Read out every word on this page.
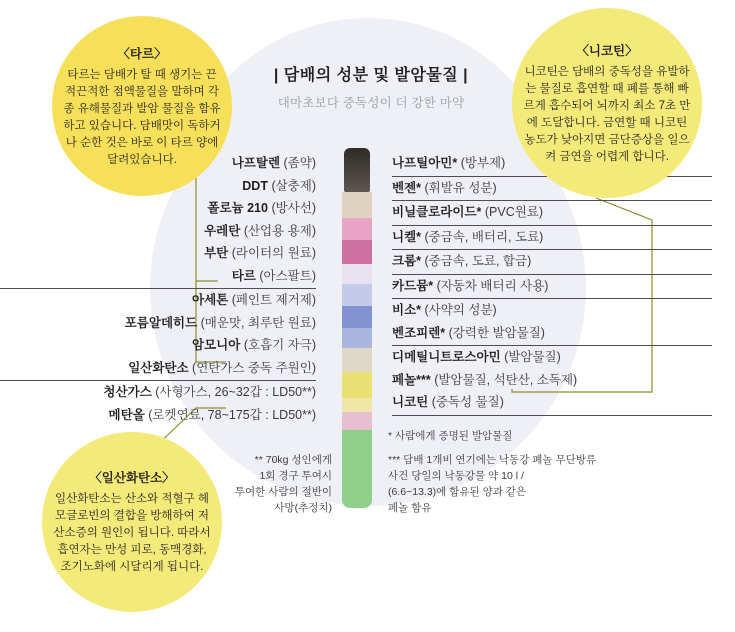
| 담배의 성분 및 발암물질 |
대마초보다 중독성이 더 강한 마약
나프탈렌 (좀약)
DDT (살충제)
폴로늄 210 (방사선)
우레탄 (산업용 용제)
부탄 (라이터의 원료)
타르 (아스팔트)
아세톤 (페인트 제거제)
포름알데히드 (매운맛, 최루탄 원료)
암모니아 (호흡기 자극)
일산화탄소 (연탄가스 중독 주원인)
청산가스 (사형가스, 26~32갑 : LD50**)
메탄올 (로켓연료, 78~175갑 : LD50**)
나프틸아민* (방부제)
벤젠* (휘발유 성분)
비닐클로라이드* (PVC원료)
니켈* (중금속, 배터리, 도료)
크롬* (중금속, 도료, 합금)
카드뮴* (자동차 배터리 사용)
비소* (사약의 성분)
벤조피렌* (강력한 발암물질)
디메틸니트로스아민 (발암물질)
페놀*** (발암물질, 석탄산, 소독제)
니코틴 (중독성 물질)
* 사람에게 증명된 발암물질
** 70kg 성인에게
1회 경구 투여시
투여한 사람의 절반이
사망(추정치)
*** 담배 1개비 연기에는 낙동강 폐놀 무단방류
사건 당일의 낙동강물 약 10 l /
(6.6~13.3)에 함유된 양과 같은
페놀 함유
〈타르〉
타르는 담배가 탈 때 생기는 끈적끈적한 점액물질을 말하며 각종 유해물질과 발암 물질을 함유하고 있습니다. 담배맛이 독하거나 순한 것은 바로 이 타르 양에 달려있습니다.
〈니코틴〉
니코틴은 담배의 중독성을 유발하는 물질로 흡연할 때 폐를 통해 빠르게 흡수되어 뇌까지 최소 7초 만에 도달합니다. 금연할 때 니코틴 농도가 낮아지면 금단증상을 일으켜 금연을 어렵게 합니다.
〈일산화탄소〉
일산화탄소는 산소와 적혈구 헤모글로빈의 결합을 방해하여 저산소증의 원인이 됩니다. 따라서 흡연자는 만성 피로, 동맥경화, 조기노화에 시달리게 됩니다.
